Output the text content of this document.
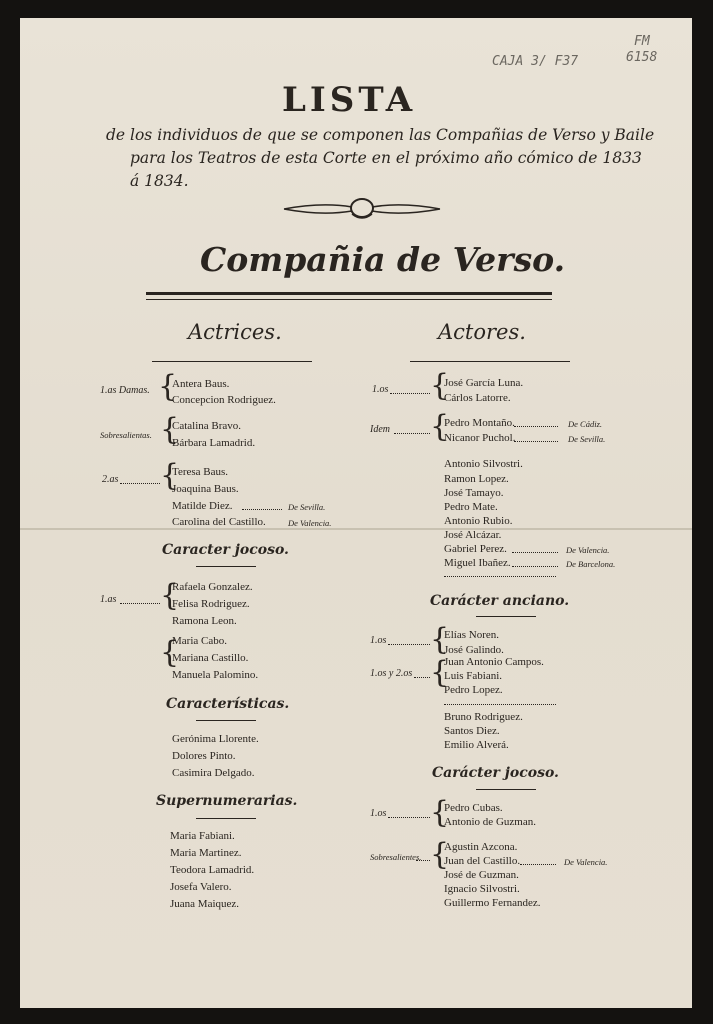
CAJA 3/ F37
FM
6158
LISTA
de los individuos de que se componen las Compañias de Verso y Baile
para los Teatros de esta Corte en el próximo año cómico de 1833
á 1834.
Compañia de Verso.
Actrices.
1.as Damas. {
Antera Baus.
Concepcion Rodriguez.
Sobresalientas. {
Catalina Bravo.
Bárbara Lamadrid.
2.as {
Teresa Baus.
Joaquina Baus.
Matilde Diez.	De Sevilla.
Carolina del Castillo.	De Valencia.
Caracter jocoso.
1.as {
Rafaela Gonzalez.
Felisa Rodriguez.
Ramona Leon.
{
Maria Cabo.
Mariana Castillo.
Manuela Palomino.
Características.
Gerónima Llorente.
Dolores Pinto.
Casimira Delgado.
Supernumerarias.
Maria Fabiani.
Maria Martinez.
Teodora Lamadrid.
Josefa Valero.
Juana Maiquez.
Actores.
1.os {
José García Luna.
Cárlos Latorre.
Idem {
Pedro Montaño.	De Cádiz.
Nicanor Puchol.	De Sevilla.
Antonio Silvostri.
Ramon Lopez.
José Tamayo.
Pedro Mate.
Antonio Rubio.
José Alcázar.
Gabriel Perez.	De Valencia.
Miguel Ibañez.	De Barcelona.
Carácter anciano.
1.os {
Elías Noren.
José Galindo.
1.os y 2.os {
Juan Antonio Campos.
Luis Fabiani.
Pedro Lopez.
Bruno Rodriguez.
Santos Diez.
Emilio Alverá.
Carácter jocoso.
1.os {
Pedro Cubas.
Antonio de Guzman.
Sobresalientes. {
Agustin Azcona.
Juan del Castillo.	De Valencia.
José de Guzman.
Ignacio Silvostri.
Guillermo Fernandez.
